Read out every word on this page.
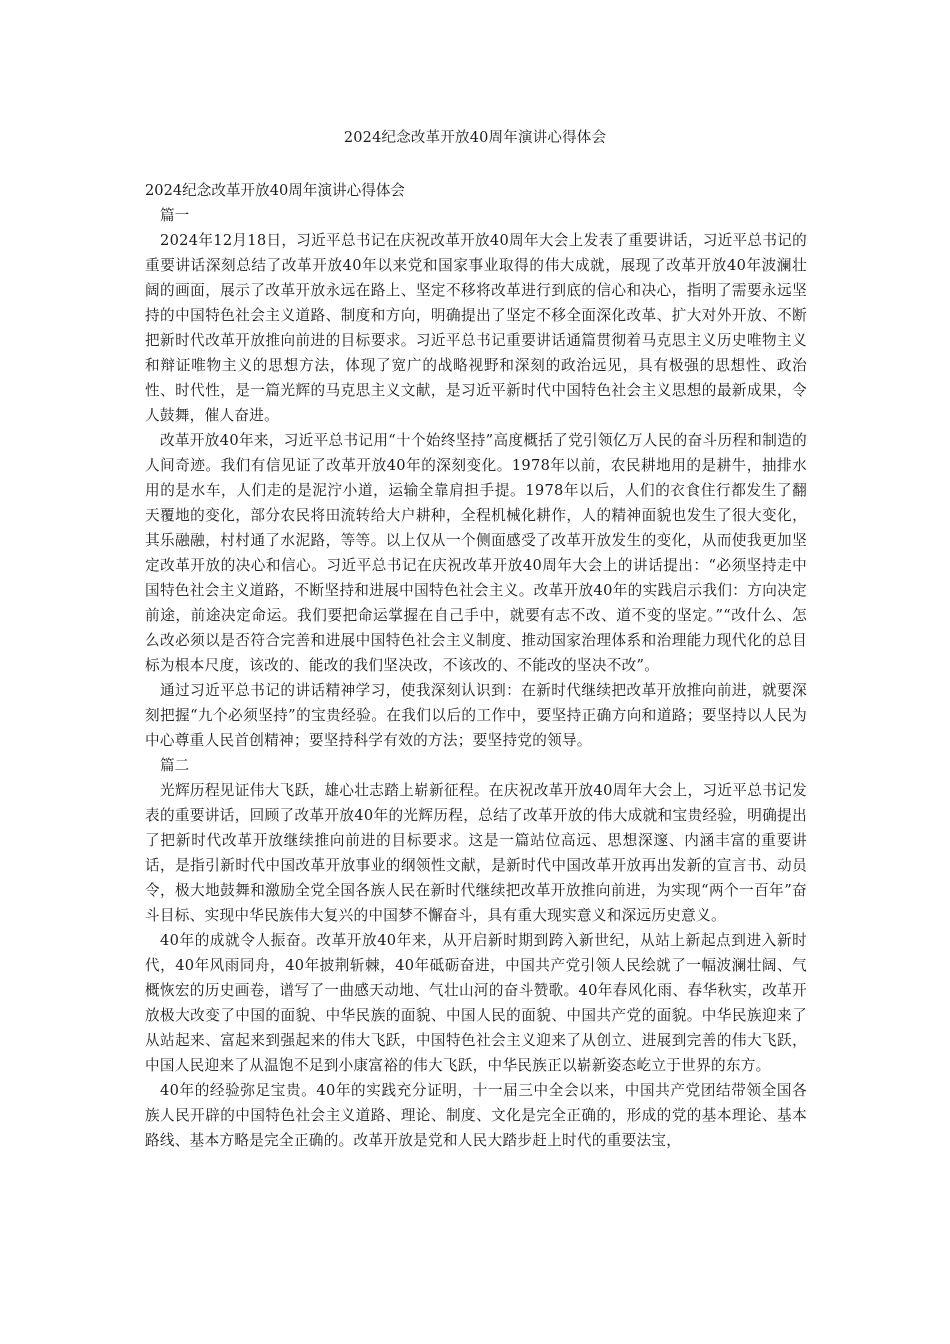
2024纪念改革开放40周年演讲心得体会

2024纪念改革开放40周年演讲心得体会

篇一

2024年12月18日，习近平总书记在庆祝改革开放40周年大会上发表了重要讲话，习近平总书记的重要讲话深刻总结了改革开放40年以来党和国家事业取得的伟大成就，展现了改革开放40年波澜壮阔的画面，展示了改革开放永远在路上、坚定不移将改革进行到底的信心和决心，指明了需要永远坚持的中国特色社会主义道路、制度和方向，明确提出了坚定不移全面深化改革、扩大对外开放、不断把新时代改革开放推向前进的目标要求。习近平总书记重要讲话通篇贯彻着马克思主义历史唯物主义和辩证唯物主义的思想方法，体现了宽广的战略视野和深刻的政治远见，具有极强的思想性、政治性、时代性，是一篇光辉的马克思主义文献，是习近平新时代中国特色社会主义思想的最新成果，令人鼓舞，催人奋进。

改革开放40年来，习近平总书记用“十个始终坚持”高度概括了党引领亿万人民的奋斗历程和制造的人间奇迹。我们有信见证了改革开放40年的深刻变化。1978年以前，农民耕地用的是耕牛，抽排水用的是水车，人们走的是泥泞小道，运输全靠肩担手提。1978年以后，人们的衣食住行都发生了翻天覆地的变化，部分农民将田流转给大户耕种，全程机械化耕作，人的精神面貌也发生了很大变化，其乐融融，村村通了水泥路，等等。以上仅从一个侧面感受了改革开放发生的变化，从而使我更加坚定改革开放的决心和信心。习近平总书记在庆祝改革开放40周年大会上的讲话提出：“必须坚持走中国特色社会主义道路，不断坚持和进展中国特色社会主义。改革开放40年的实践启示我们：方向决定前途，前途决定命运。我们要把命运掌握在自己手中，就要有志不改、道不变的坚定。”“改什么、怎么改必须以是否符合完善和进展中国特色社会主义制度、推动国家治理体系和治理能力现代化的总目标为根本尺度，该改的、能改的我们坚决改，不该改的、不能改的坚决不改”。

通过习近平总书记的讲话精神学习，使我深刻认识到：在新时代继续把改革开放推向前进，就要深刻把握“九个必须坚持”的宝贵经验。在我们以后的工作中，要坚持正确方向和道路；要坚持以人民为中心尊重人民首创精神；要坚持科学有效的方法；要坚持党的领导。

篇二

光辉历程见证伟大飞跃，雄心壮志踏上崭新征程。在庆祝改革开放40周年大会上，习近平总书记发表的重要讲话，回顾了改革开放40年的光辉历程，总结了改革开放的伟大成就和宝贵经验，明确提出了把新时代改革开放继续推向前进的目标要求。这是一篇站位高远、思想深邃、内涵丰富的重要讲话，是指引新时代中国改革开放事业的纲领性文献，是新时代中国改革开放再出发新的宣言书、动员令，极大地鼓舞和激励全党全国各族人民在新时代继续把改革开放推向前进，为实现“两个一百年”奋斗目标、实现中华民族伟大复兴的中国梦不懈奋斗，具有重大现实意义和深远历史意义。

40年的成就令人振奋。改革开放40年来，从开启新时期到跨入新世纪，从站上新起点到进入新时代，40年风雨同舟，40年披荆斩棘，40年砥砺奋进，中国共产党引领人民绘就了一幅波澜壮阔、气概恢宏的历史画卷，谱写了一曲感天动地、气壮山河的奋斗赞歌。40年春风化雨、春华秋实，改革开放极大改变了中国的面貌、中华民族的面貌、中国人民的面貌、中国共产党的面貌。中华民族迎来了从站起来、富起来到强起来的伟大飞跃，中国特色社会主义迎来了从创立、进展到完善的伟大飞跃，中国人民迎来了从温饱不足到小康富裕的伟大飞跃，中华民族正以崭新姿态屹立于世界的东方。

40年的经验弥足宝贵。40年的实践充分证明，十一届三中全会以来，中国共产党团结带领全国各族人民开辟的中国特色社会主义道路、理论、制度、文化是完全正确的，形成的党的基本理论、基本路线、基本方略是完全正确的。改革开放是党和人民大踏步赶上时代的重要法宝，
